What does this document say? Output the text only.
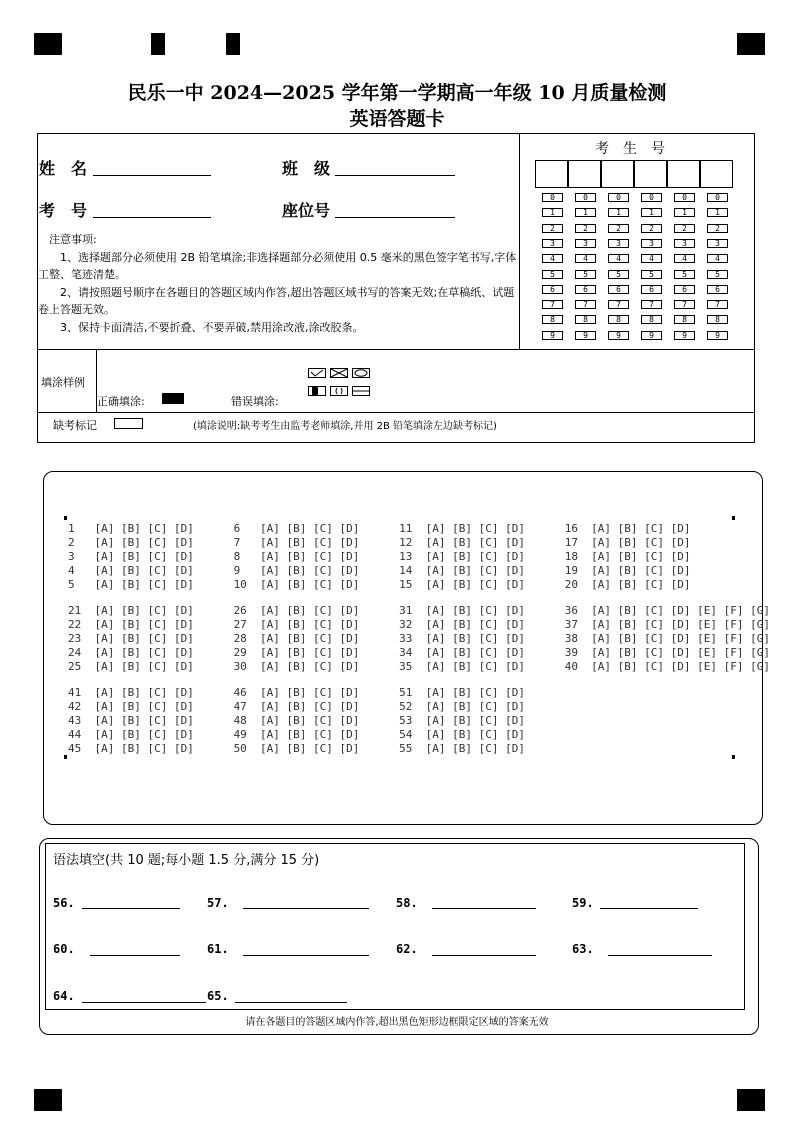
民乐一中 2024—2025 学年第一学期高一年级 10 月质量检测
英语答题卡
姓　名	班　级
考　号	座位号

注意事项:

1、选择题部分必须使用 2B 铅笔填涂;非选择题部分必须使用 0.5 毫米的黑色签字笔书写,字体工整、笔迹清楚。

2、请按照题号顺序在各题目的答题区域内作答,超出答题区域书写的答案无效;在草稿纸、试题卷上答题无效。

3、保持卡面清洁,不要折叠、不要弄破,禁用涂改液,涂改胶条。

考生号
0	0	0	0	0	0
1	1	1	1	1	1
2	2	2	2	2	2
3	3	3	3	3	3
4	4	4	4	4	4
5	5	5	5	5	5
6	6	6	6	6	6
7	7	7	7	7	7
8	8	8	8	8	8
9	9	9	9	9	9
填涂样例
正确填涂:	错误填涂:
缺考标记	(填涂说明:缺考考生由监考老师填涂,并用 2B 铅笔填涂左边缺考标记)
1   [A] [B] [C] [D]      6   [A] [B] [C] [D]      11  [A] [B] [C] [D]      16  [A] [B] [C] [D]
2   [A] [B] [C] [D]      7   [A] [B] [C] [D]      12  [A] [B] [C] [D]      17  [A] [B] [C] [D]
3   [A] [B] [C] [D]      8   [A] [B] [C] [D]      13  [A] [B] [C] [D]      18  [A] [B] [C] [D]
4   [A] [B] [C] [D]      9   [A] [B] [C] [D]      14  [A] [B] [C] [D]      19  [A] [B] [C] [D]
5   [A] [B] [C] [D]      10  [A] [B] [C] [D]      15  [A] [B] [C] [D]      20  [A] [B] [C] [D]
21  [A] [B] [C] [D]      26  [A] [B] [C] [D]      31  [A] [B] [C] [D]      36  [A] [B] [C] [D] [E] [F] [G]
22  [A] [B] [C] [D]      27  [A] [B] [C] [D]      32  [A] [B] [C] [D]      37  [A] [B] [C] [D] [E] [F] [G]
23  [A] [B] [C] [D]      28  [A] [B] [C] [D]      33  [A] [B] [C] [D]      38  [A] [B] [C] [D] [E] [F] [G]
24  [A] [B] [C] [D]      29  [A] [B] [C] [D]      34  [A] [B] [C] [D]      39  [A] [B] [C] [D] [E] [F] [G]
25  [A] [B] [C] [D]      30  [A] [B] [C] [D]      35  [A] [B] [C] [D]      40  [A] [B] [C] [D] [E] [F] [G]
41  [A] [B] [C] [D]      46  [A] [B] [C] [D]      51  [A] [B] [C] [D]
42  [A] [B] [C] [D]      47  [A] [B] [C] [D]      52  [A] [B] [C] [D]
43  [A] [B] [C] [D]      48  [A] [B] [C] [D]      53  [A] [B] [C] [D]
44  [A] [B] [C] [D]      49  [A] [B] [C] [D]      54  [A] [B] [C] [D]
45  [A] [B] [C] [D]      50  [A] [B] [C] [D]      55  [A] [B] [C] [D]
语法填空(共 10 题;每小题 1.5 分,满分 15 分)
56.	57.	58.	59.
60.	61.	62.	63.
64.	65.
请在各题目的答题区域内作答,超出黑色矩形边框限定区域的答案无效
